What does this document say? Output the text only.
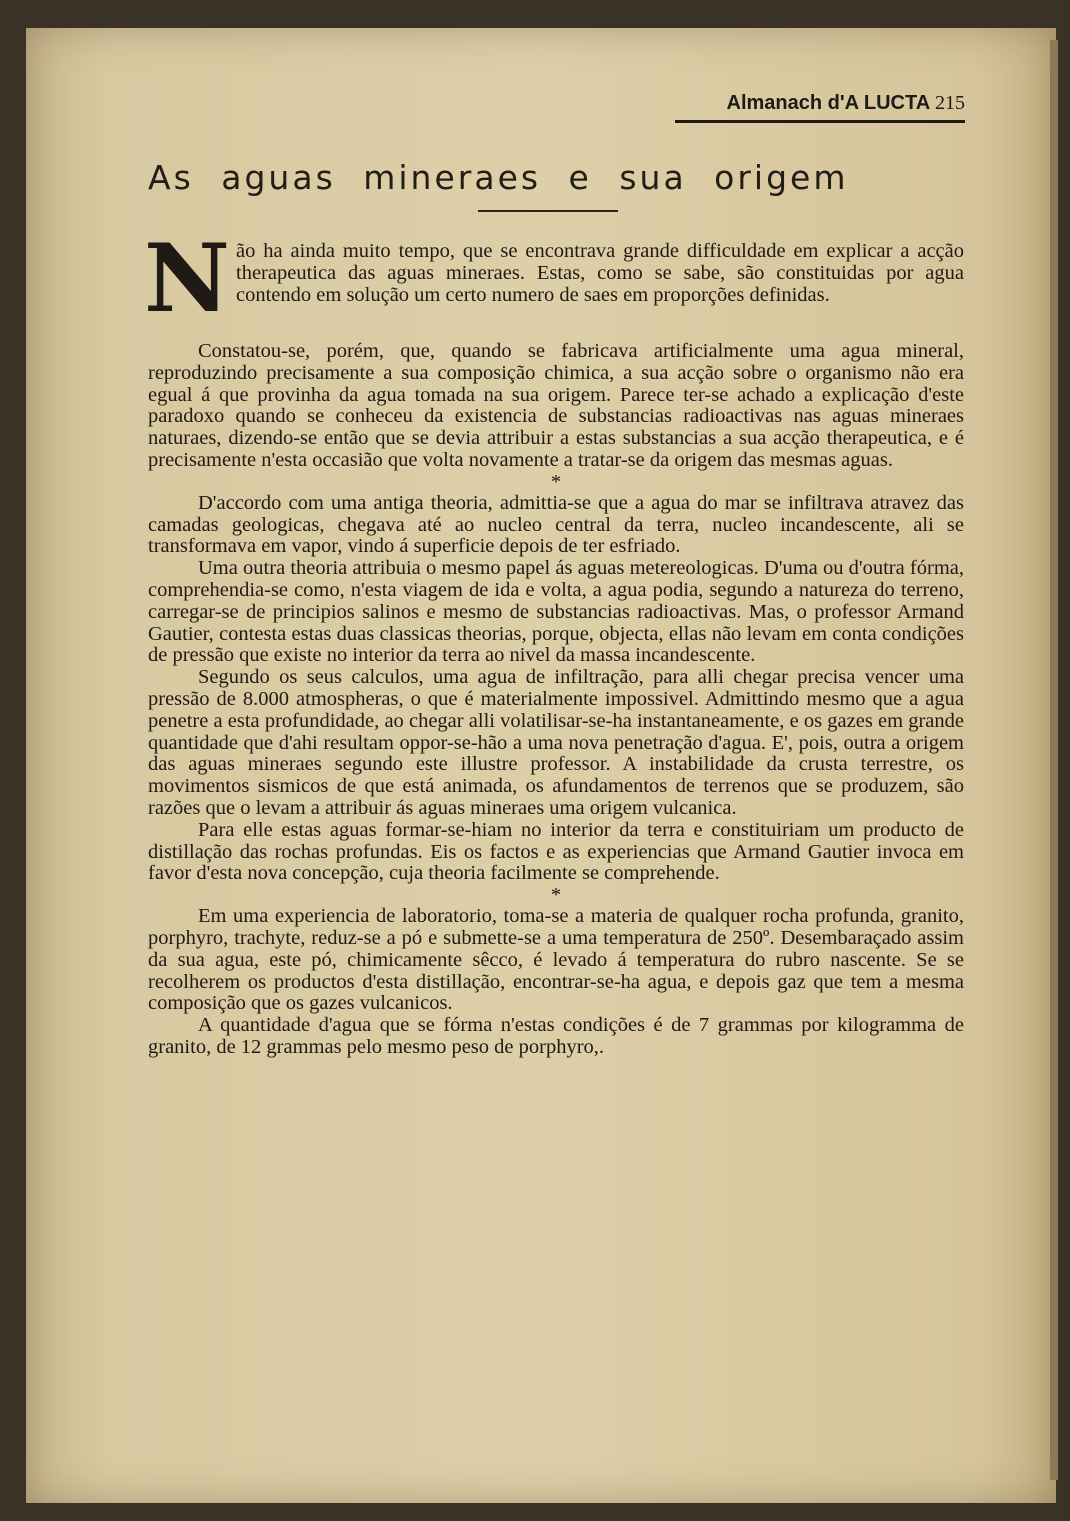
Almanach d'A LUCTA 215
As aguas mineraes e sua origem
N ão ha ainda muito tempo, que se encontrava grande difficuldade em explicar a acção therapeutica das aguas mineraes. Estas, como se sabe, são constituidas por agua contendo em solução um certo numero de saes em proporções definidas.

Constatou-se, porém, que, quando se fabricava artificialmente uma agua mineral, reproduzindo precisamente a sua composição chimica, a sua acção sobre o organismo não era egual á que provinha da agua tomada na sua origem. Parece ter-se achado a explicação d'este paradoxo quando se conheceu da existencia de substancias radioactivas nas aguas mineraes naturaes, dizendo-se então que se devia attribuir a estas substancias a sua acção therapeutica, e é precisamente n'esta occasião que volta novamente a tratar-se da origem das mesmas aguas.

*

D'accordo com uma antiga theoria, admittia-se que a agua do mar se infiltrava atravez das camadas geologicas, chegava até ao nucleo central da terra, nucleo incandescente, ali se transformava em vapor, vindo á superficie depois de ter esfriado.

Uma outra theoria attribuia o mesmo papel ás aguas metereologicas. D'uma ou d'outra fórma, comprehendia-se como, n'esta viagem de ida e volta, a agua podia, segundo a natureza do terreno, carregar-se de principios salinos e mesmo de substancias radioactivas. Mas, o professor Armand Gautier, contesta estas duas classicas theorias, porque, objecta, ellas não levam em conta condições de pressão que existe no interior da terra ao nivel da massa incandescente.

Segundo os seus calculos, uma agua de infiltração, para alli chegar precisa vencer uma pressão de 8.000 atmospheras, o que é materialmente impossivel. Admittindo mesmo que a agua penetre a esta profundidade, ao chegar alli volatilisar-se-ha instantaneamente, e os gazes em grande quantidade que d'ahi resultam oppor-se-hão a uma nova penetração d'agua. E', pois, outra a origem das aguas mineraes segundo este illustre professor. A instabilidade da crusta terrestre, os movimentos sismicos de que está animada, os afundamentos de terrenos que se produzem, são razões que o levam a attribuir ás aguas mineraes uma origem vulcanica.

Para elle estas aguas formar-se-hiam no interior da terra e constituiriam um producto de distillação das rochas profundas. Eis os factos e as experiencias que Armand Gautier invoca em favor d'esta nova concepção, cuja theoria facilmente se comprehende.

*

Em uma experiencia de laboratorio, toma-se a materia de qualquer rocha profunda, granito, porphyro, trachyte, reduz-se a pó e submette-se a uma temperatura de 250º. Desembaraçado assim da sua agua, este pó, chimicamente sêcco, é levado á temperatura do rubro nascente. Se se recolherem os productos d'esta distillação, encontrar-se-ha agua, e depois gaz que tem a mesma composição que os gazes vulcanicos.

A quantidade d'agua que se fórma n'estas condições é de 7 grammas por kilogramma de granito, de 12 grammas pelo mesmo peso de porphyro,.
